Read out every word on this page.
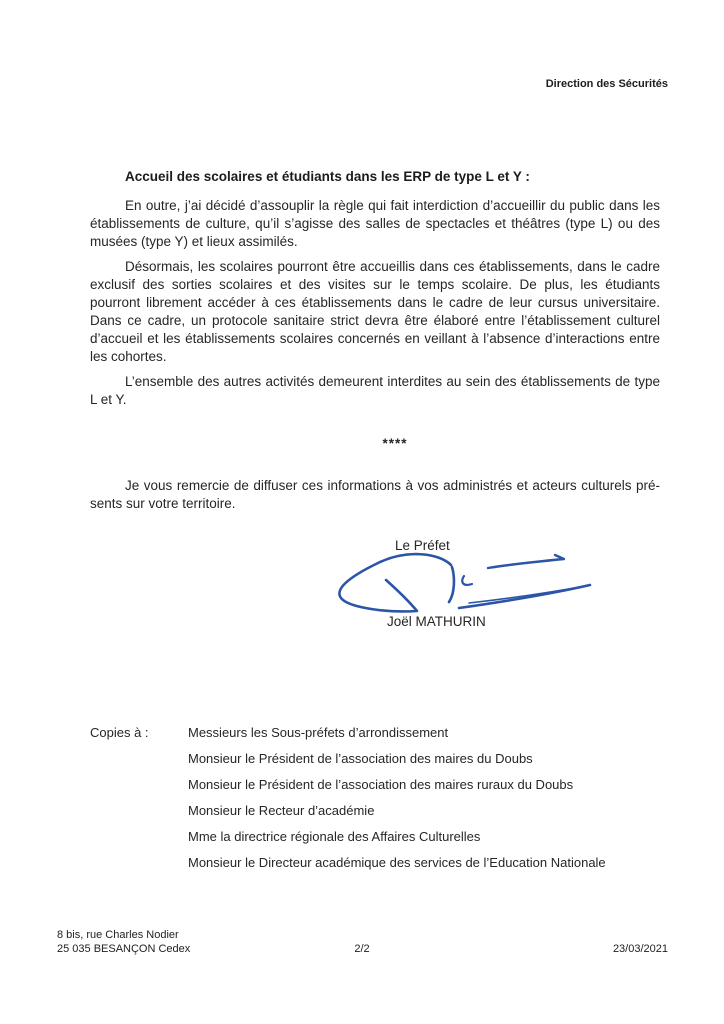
Direction des Sécurités

Accueil des scolaires et étudiants dans les ERP de type L et Y :

En outre, j’ai décidé d’assouplir la règle qui fait interdiction d’accueillir du public dans les établissements de culture, qu’il s’agisse des salles de spectacles et théâtres (type L) ou des musées (type Y) et lieux assimilés.

Désormais, les scolaires pourront être accueillis dans ces établissements, dans le cadre exclusif des sorties scolaires et des visites sur le temps scolaire. De plus, les étudiants pourront librement accéder à ces établissements dans le cadre de leur cursus universitaire. Dans ce cadre, un protocole sanitaire strict devra être élaboré entre l’établissement culturel d’accueil et les établissements scolaires concernés en veillant à l’absence d’interactions entre les cohortes.

L’ensemble des autres activités demeurent interdites au sein des établissements de type L et Y.

****

Je vous remercie de diffuser ces informations à vos administrés et acteurs culturels pré-sents sur votre territoire.

Le Préfet
Joël MATHURIN
Copies à :	Messieurs les Sous-préfets d’arrondissement
Monsieur le Président de l’association des maires du Doubs
Monsieur le Président de l’association des maires ruraux du Doubs
Monsieur le Recteur d’académie
Mme la directrice régionale des Affaires Culturelles
Monsieur le Directeur académique des services de l’Education Nationale
8 bis, rue Charles Nodier
25 035 BESANÇON Cedex	2/2	23/03/2021
